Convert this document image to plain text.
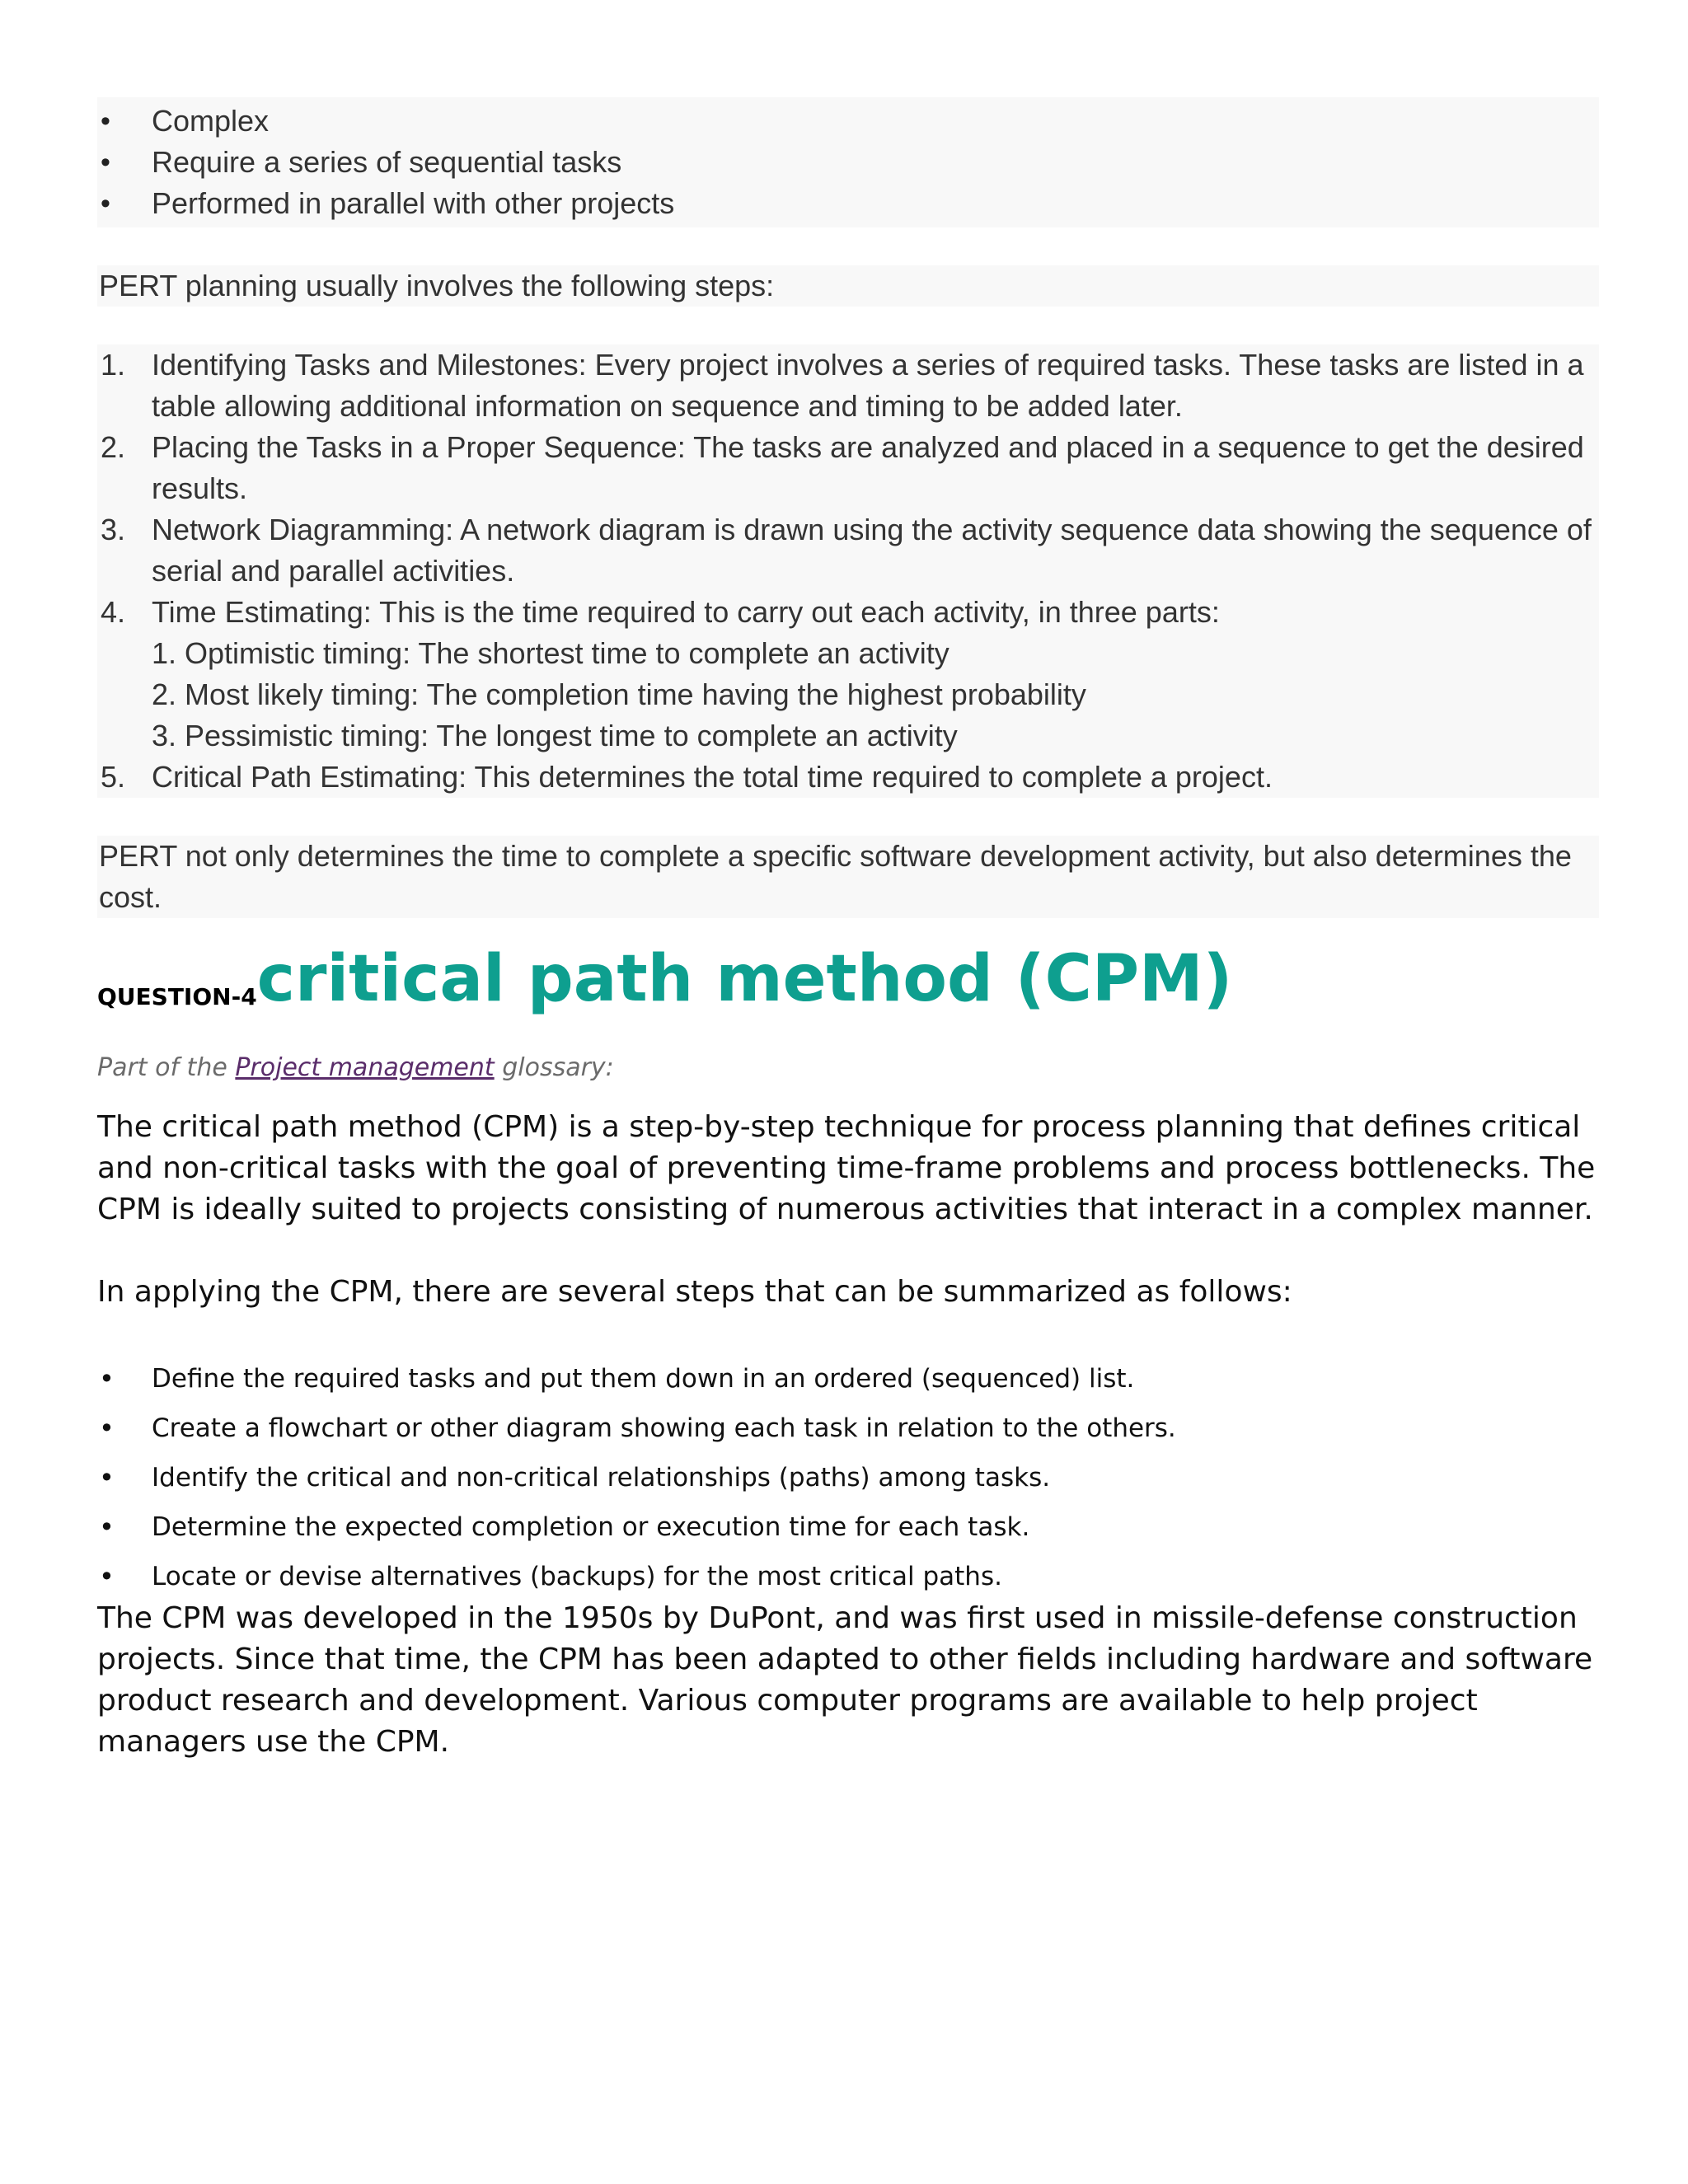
• Complex
• Require a series of sequential tasks
• Performed in parallel with other projects
PERT planning usually involves the following steps:
1. Identifying Tasks and Milestones: Every project involves a series of required tasks. These tasks are listed in a table allowing additional information on sequence and timing to be added later.
2. Placing the Tasks in a Proper Sequence: The tasks are analyzed and placed in a sequence to get the desired results.
3. Network Diagramming: A network diagram is drawn using the activity sequence data showing the sequence of serial and parallel activities.
4. Time Estimating: This is the time required to carry out each activity, in three parts:
1. Optimistic timing: The shortest time to complete an activity
2. Most likely timing: The completion time having the highest probability
3. Pessimistic timing: The longest time to complete an activity
5. Critical Path Estimating: This determines the total time required to complete a project.
PERT not only determines the time to complete a specific software development activity, but also determines the cost.
QUESTION-4 critical path method (CPM)
Part of the Project management glossary:
The critical path method (CPM) is a step-by-step technique for process planning that defines critical and non-critical tasks with the goal of preventing time-frame problems and process bottlenecks. The CPM is ideally suited to projects consisting of numerous activities that interact in a complex manner.
In applying the CPM, there are several steps that can be summarized as follows:
• Define the required tasks and put them down in an ordered (sequenced) list.
• Create a flowchart or other diagram showing each task in relation to the others.
• Identify the critical and non-critical relationships (paths) among tasks.
• Determine the expected completion or execution time for each task.
• Locate or devise alternatives (backups) for the most critical paths.
The CPM was developed in the 1950s by DuPont, and was first used in missile-defense construction projects. Since that time, the CPM has been adapted to other fields including hardware and software product research and development. Various computer programs are available to help project managers use the CPM.
